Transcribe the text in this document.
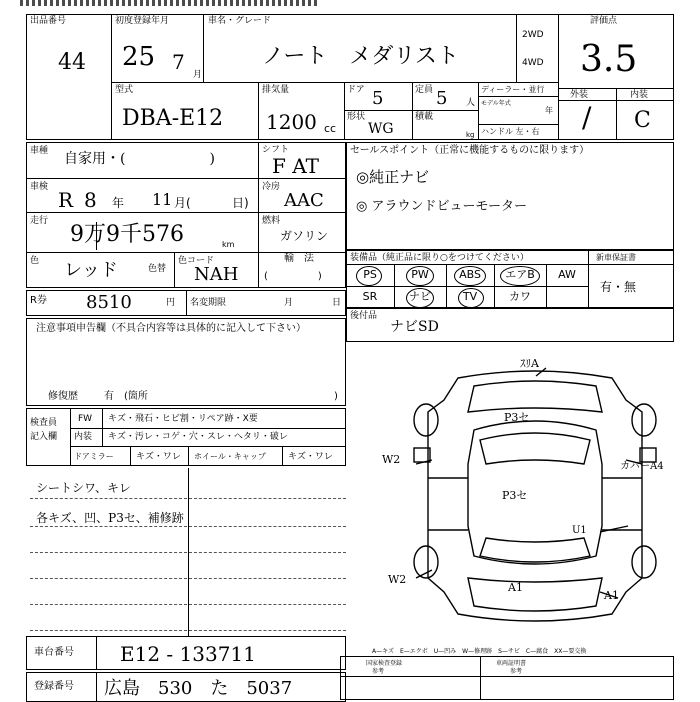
出品番号
44
初度登録年月
25 7
月
車名・グレード
ノート　メダリスト
2WD
4WD
評価点
3.5
外装	内装
/ C
型式
DBA-E12
排気量
1200 cc
ドア 5	定員 5 人
形状
WG
積載
kg
ディーラー・並行
モデル年式
年
ハンドル 左・右
車種 自家用・(　　　　　　)
車検
R 8 年 11 月(	日)
走行
9万9千576	km
色 レッド	色替
色コード
NAH
シフト
F AT
冷房
AAC
燃料
ガソリン
輸　法
(　　　　　)
R券 8510	円 名変期限	月	日
セールスポイント（正常に機能するものに限ります）
◎純正ナビ
◎ アラウンドビューモーター
装備品（純正品に限り○をつけてください）	新車保証書
有・無
PS	PW	ABS	エアB	AW
SR	ナビ	TV	カワ
後付品
ナビSD
注意事項申告欄（不具合内容等は具体的に記入して下さい）
修復歴	有　(箇所	)
検査員
記入欄
FW キズ・飛石・ヒビ割・リペア跡・X要
内装 キズ・汚レ・コゲ・穴・スレ・ヘタリ・破レ
ドアミラー キズ・ワレ ホイール・キャップ キズ・ワレ
シートシワ、キレ
各キズ、凹、P3セ、補修跡
ｽﾘA
P3セ
P3セ
W2
W2
カバーA4
U1
A1
A1
車台番号 E12 - 133711
登録番号 広島　530　た　5037
A—キズ　E—エクボ　U—凹み　W—修理跡　S—サビ　C—腐食　XX—要交換
国家検査登録
参考
車両証明書
参考
